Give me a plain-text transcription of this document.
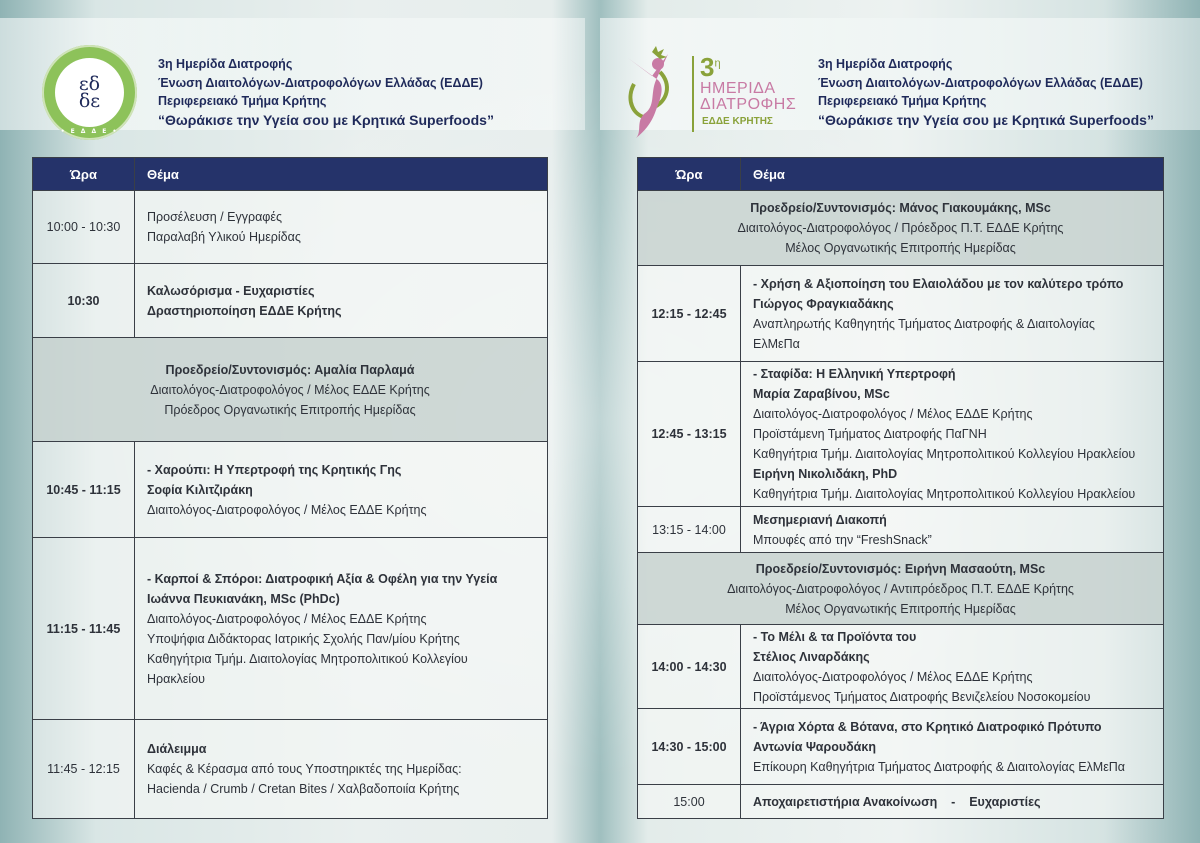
εδ
δε
• Ε Δ Δ Ε •
3η Ημερίδα Διατροφής
Ένωση Διαιτολόγων-Διατροφολόγων Ελλάδας (ΕΔΔΕ)
Περιφερειακό Τμήμα Κρήτης
“Θωράκισε την Υγεία σου με Κρητικά Superfoods”
Ώρα	Θέμα
10:00 - 10:30	Προσέλευση / Εγγραφές
Παραλαβή Υλικού Ημερίδας

10:30	Καλωσόρισμα - Ευχαριστίες
Δραστηριοποίηση ΕΔΔΕ Κρήτης

Προεδρείο/Συντονισμός: Αμαλία Παρλαμά
Διαιτολόγος-Διατροφολόγος / Μέλος ΕΔΔΕ Κρήτης
Πρόεδρος Οργανωτικής Επιτροπής Ημερίδας	

10:45 - 11:15	- Χαρούπι: Η Υπερτροφή της Κρητικής Γης
Σοφία Κιλιτζιράκη
Διαιτολόγος-Διατροφολόγος / Μέλος ΕΔΔΕ Κρήτης

11:15 - 11:45	
- Καρποί & Σπόροι: Διατροφική Αξία & Οφέλη για την Υγεία
Ιωάννα Πευκιανάκη, MSc (PhDc)
Διαιτολόγος-Διατροφολόγος / Μέλος ΕΔΔΕ Κρήτης
Υποψήφια Διδάκτορας Ιατρικής Σχολής Παν/μίου Κρήτης
Καθηγήτρια Τμήμ. Διαιτολογίας Μητροπολιτικού Κολλεγίου
Ηρακλείου

11:45 - 12:15	Διάλειμμα
Καφές & Κέρασμα από τους Υποστηρικτές της Ημερίδας:
Hacienda / Crumb / Cretan Bites / Χαλβαδοποιία Κρήτης
$3^\eta$
ΗΜΕΡΙΔΑ
ΔΙΑΤΡΟΦΗΣ
ΕΔΔΕ ΚΡΗΤΗΣ
3η Ημερίδα Διατροφής
Ένωση Διαιτολόγων-Διατροφολόγων Ελλάδας (ΕΔΔΕ)
Περιφερειακό Τμήμα Κρήτης
“Θωράκισε την Υγεία σου με Κρητικά Superfoods”
Ώρα	Θέμα

Προεδρείο/Συντονισμός: Μάνος Γιακουμάκης, MSc
Διαιτολόγος-Διατροφολόγος / Πρόεδρος Π.Τ. ΕΔΔΕ Κρήτης
Μέλος Οργανωτικής Επιτροπής Ημερίδας	

12:15 - 12:45	- Χρήση & Αξιοποίηση του Ελαιολάδου με τον καλύτερο τρόπο
Γιώργος Φραγκιαδάκης
Αναπληρωτής Καθηγητής Τμήματος Διατροφής & Διαιτολογίας
ΕλΜεΠα

12:45 - 13:15	
- Σταφίδα: Η Ελληνική Υπερτροφή
Μαρία Ζαραβίνου, MSc
Διαιτολόγος-Διατροφολόγος / Μέλος ΕΔΔΕ Κρήτης
Προϊστάμενη Τμήματος Διατροφής ΠαΓΝΗ
Καθηγήτρια Τμήμ. Διαιτολογίας Μητροπολιτικού Κολλεγίου Ηρακλείου
Ειρήνη Νικολιδάκη, PhD
Καθηγήτρια Τμήμ. Διαιτολογίας Μητροπολιτικού Κολλεγίου Ηρακλείου

13:15 - 14:00	Μεσημεριανή Διακοπή
Μπουφές από την “FreshSnack”

Προεδρείο/Συντονισμός: Ειρήνη Μασαούτη, MSc
Διαιτολόγος-Διατροφολόγος / Αντιπρόεδρος Π.Τ. ΕΔΔΕ Κρήτης
Μέλος Οργανωτικής Επιτροπής Ημερίδας	

14:00 - 14:30	- Το Μέλι & τα Προϊόντα του
Στέλιος Λιναρδάκης
Διαιτολόγος-Διατροφολόγος / Μέλος ΕΔΔΕ Κρήτης
Προϊστάμενος Τμήματος Διατροφής Βενιζελείου Νοσοκομείου

14:30 - 15:00	- Άγρια Χόρτα & Βότανα, στο Κρητικό Διατροφικό Πρότυπο
Αντωνία Ψαρουδάκη
Επίκουρη Καθηγήτρια Τμήματος Διατροφής & Διαιτολογίας ΕλΜεΠα

15:00	Αποχαιρετιστήρια Ανακοίνωση    -    Ευχαριστίες
